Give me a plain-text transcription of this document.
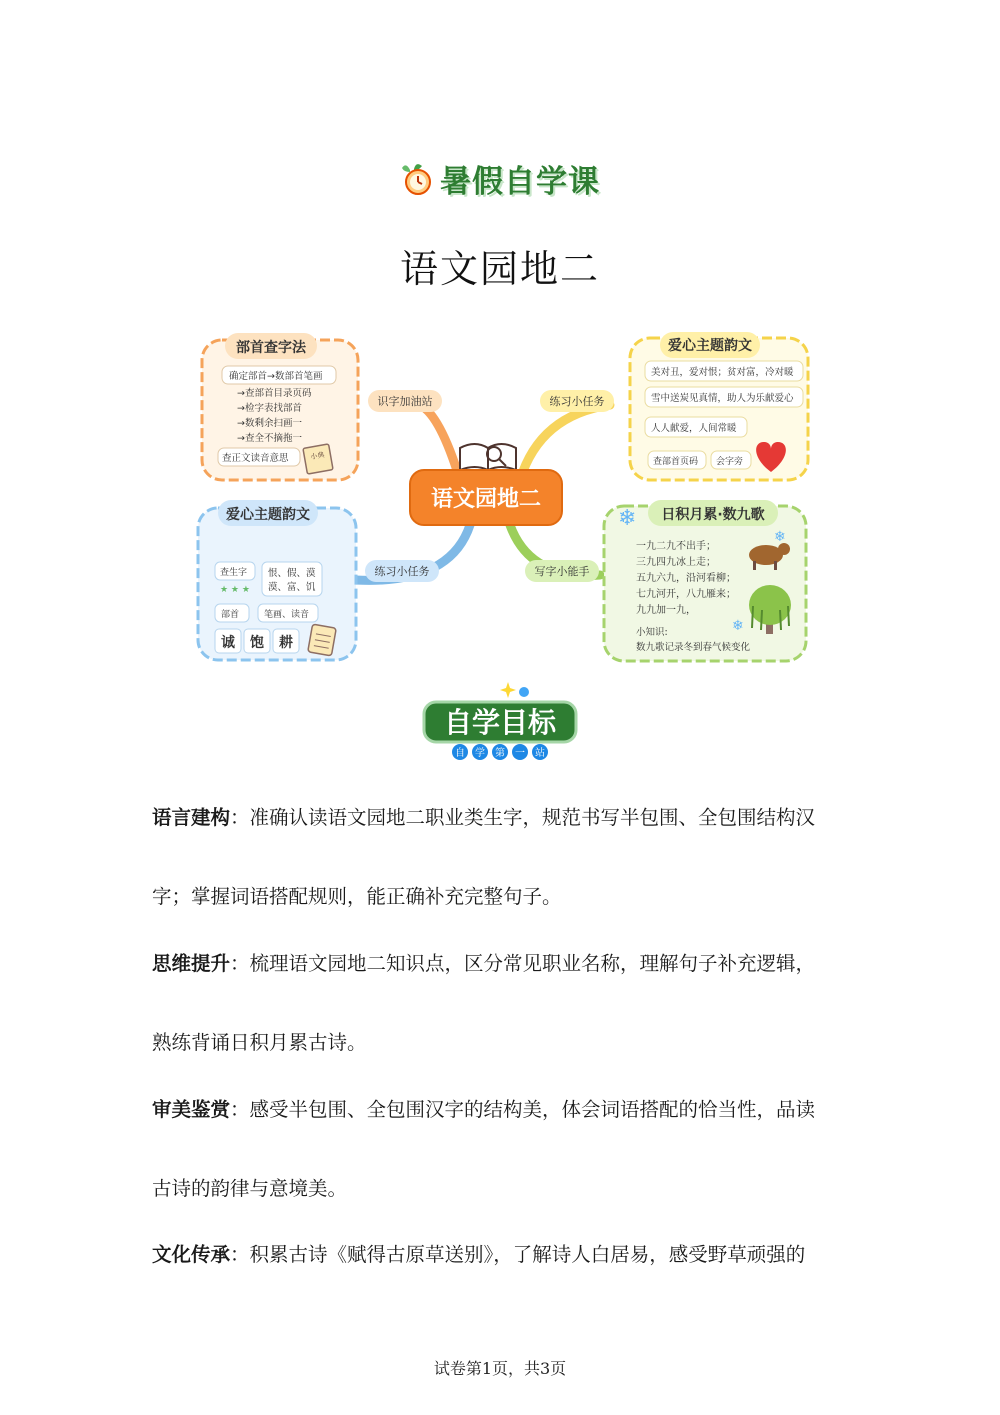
暑假自学课
语文园地二
部首查字法
确定部首→数部首笔画
→查部首目录页码
→检字表找部首
→数剩余扫画一
→查全不摘拖一
查正文读音意思	小典
爱心主题韵文
美对丑，爱对恨；贫对富，冷对暖
雪中送炭见真情，助人为乐献爱心
人人献爱，人间常暖
查部首页码 会字旁
爱心主题韵文
查生字
★ ★ ★
恨、假、漠
漠、富、饥
部首	笔画、读音
诚 饱 耕
日积月累·数九歌
❄
一九二九不出手；
三九四九冰上走；
五九六九，沿河看柳；
七九河开，八九雁来；
九九加一九，
小知识:
数九歌记录冬到春气候变化
❄
❄
识字加油站	练习小任务
练习小任务	写字小能手
语文园地二
自学目标
自 学 第 一 站
语言建构：准确认读语文园地二职业类生字，规范书写半包围、全包围结构汉
字；掌握词语搭配规则，能正确补充完整句子。
思维提升：梳理语文园地二知识点，区分常见职业名称，理解句子补充逻辑，
熟练背诵日积月累古诗。
审美鉴赏：感受半包围、全包围汉字的结构美，体会词语搭配的恰当性，品读
古诗的韵律与意境美。
文化传承：积累古诗《赋得古原草送别》，了解诗人白居易，感受野草顽强的
试卷第1页，共3页
